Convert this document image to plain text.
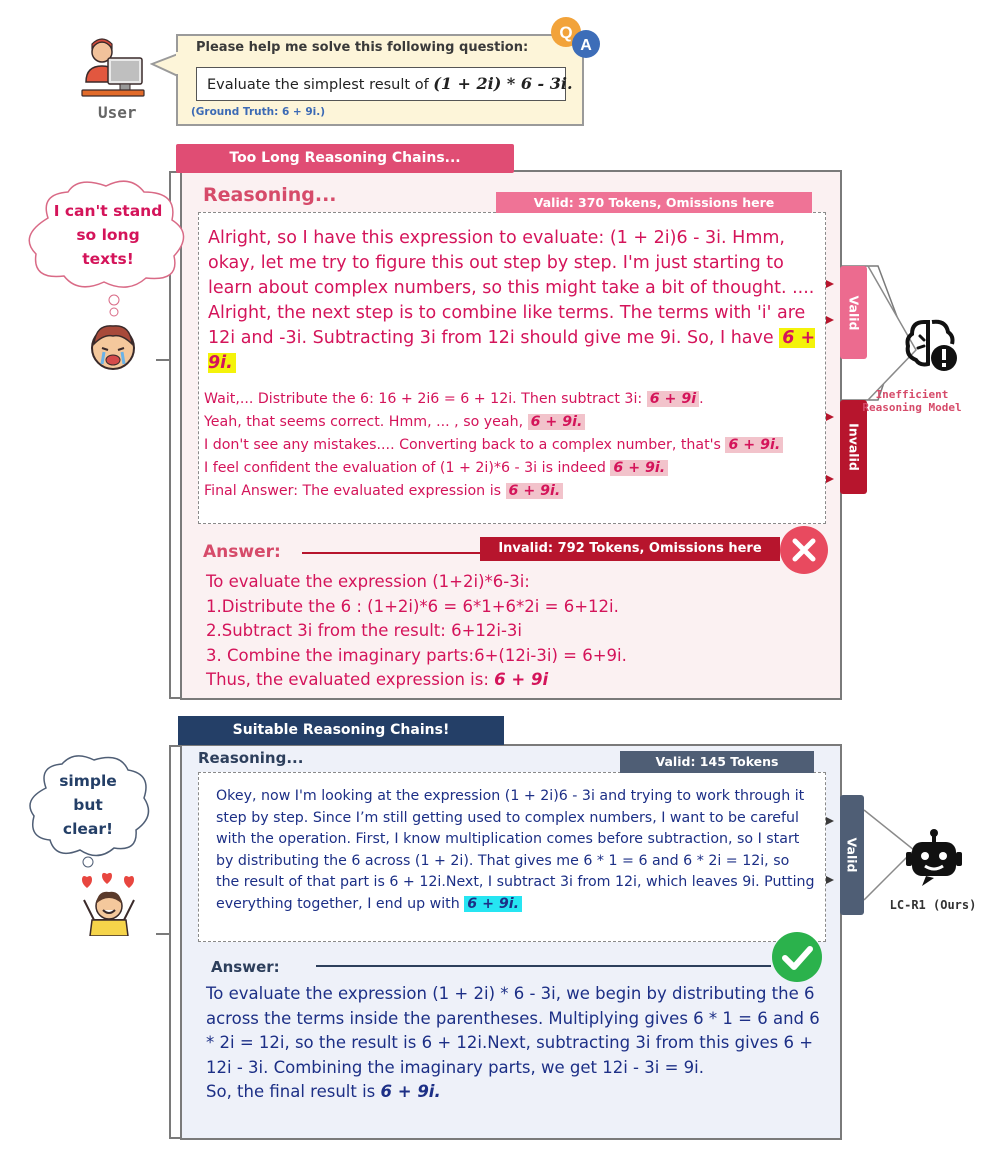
User
Please help me solve this following question:
Evaluate the simplest result of (1 + 2i) * 6 - 3i.
(Ground Truth: 6 + 9i.)
Q
A
Too Long Reasoning Chains...
Reasoning...	Valid: 370 Tokens, Omissions here
Alright, so I have this expression to evaluate: (1 + 2i)6 - 3i. Hmm, okay, let me try to figure this out step by step. I'm just starting to learn about complex numbers, so this might take a bit of thought. .... Alright, the next step is to combine like terms. The terms with 'i' are 12i and -3i. Subtracting 3i from 12i should give me 9i. So, I have 6 + 9i.
Wait,... Distribute the 6: 16 + 2i6 = 6 + 12i. Then subtract 3i: 6 + 9i .
Yeah, that seems correct. Hmm, ... , so yeah, 6 + 9i.
I don't see any mistakes.... Converting back to a complex number, that's 6 + 9i.
I feel confident the evaluation of (1 + 2i)*6 - 3i is indeed 6 + 9i.
Final Answer: The evaluated expression is 6 + 9i.
Answer:	Invalid: 792 Tokens, Omissions here
To evaluate the expression (1+2i)*6-3i:
1.Distribute the 6 : (1+2i)*6 = 6*1+6*2i = 6+12i.
2.Subtract 3i from the result: 6+12i-3i
3. Combine the imaginary parts:6+(12i-3i) = 6+9i.
Thus, the evaluated expression is: 6 + 9i
Valid
Invalid
Inefficient Reasoning Model
I can't stand so long texts!
Suitable Reasoning Chains!
Reasoning...	Valid: 145 Tokens
Okey, now I'm looking at the expression (1 + 2i)6 - 3i and trying to work through it step by step. Since I’m still getting used to complex numbers, I want to be careful with the operation. First, I know multiplication comes before subtraction, so I start by distributing the 6 across (1 + 2i). That gives me 6 * 1 = 6 and 6 * 2i = 12i, so the result of that part is 6 + 12i.Next, I subtract 3i from 12i, which leaves 9i. Putting everything together, I end up with 6 + 9i.
Answer:
To evaluate the expression (1 + 2i) * 6 - 3i, we begin by distributing the 6 across the terms inside the parentheses. Multiplying gives 6 * 1 = 6 and 6 * 2i = 12i, so the result is 6 + 12i.Next, subtracting 3i from this gives 6 + 12i - 3i. Combining the imaginary parts, we get 12i - 3i = 9i.
So, the final result is 6 + 9i.
Valid
LC-R1 (Ours)
simple but clear!
